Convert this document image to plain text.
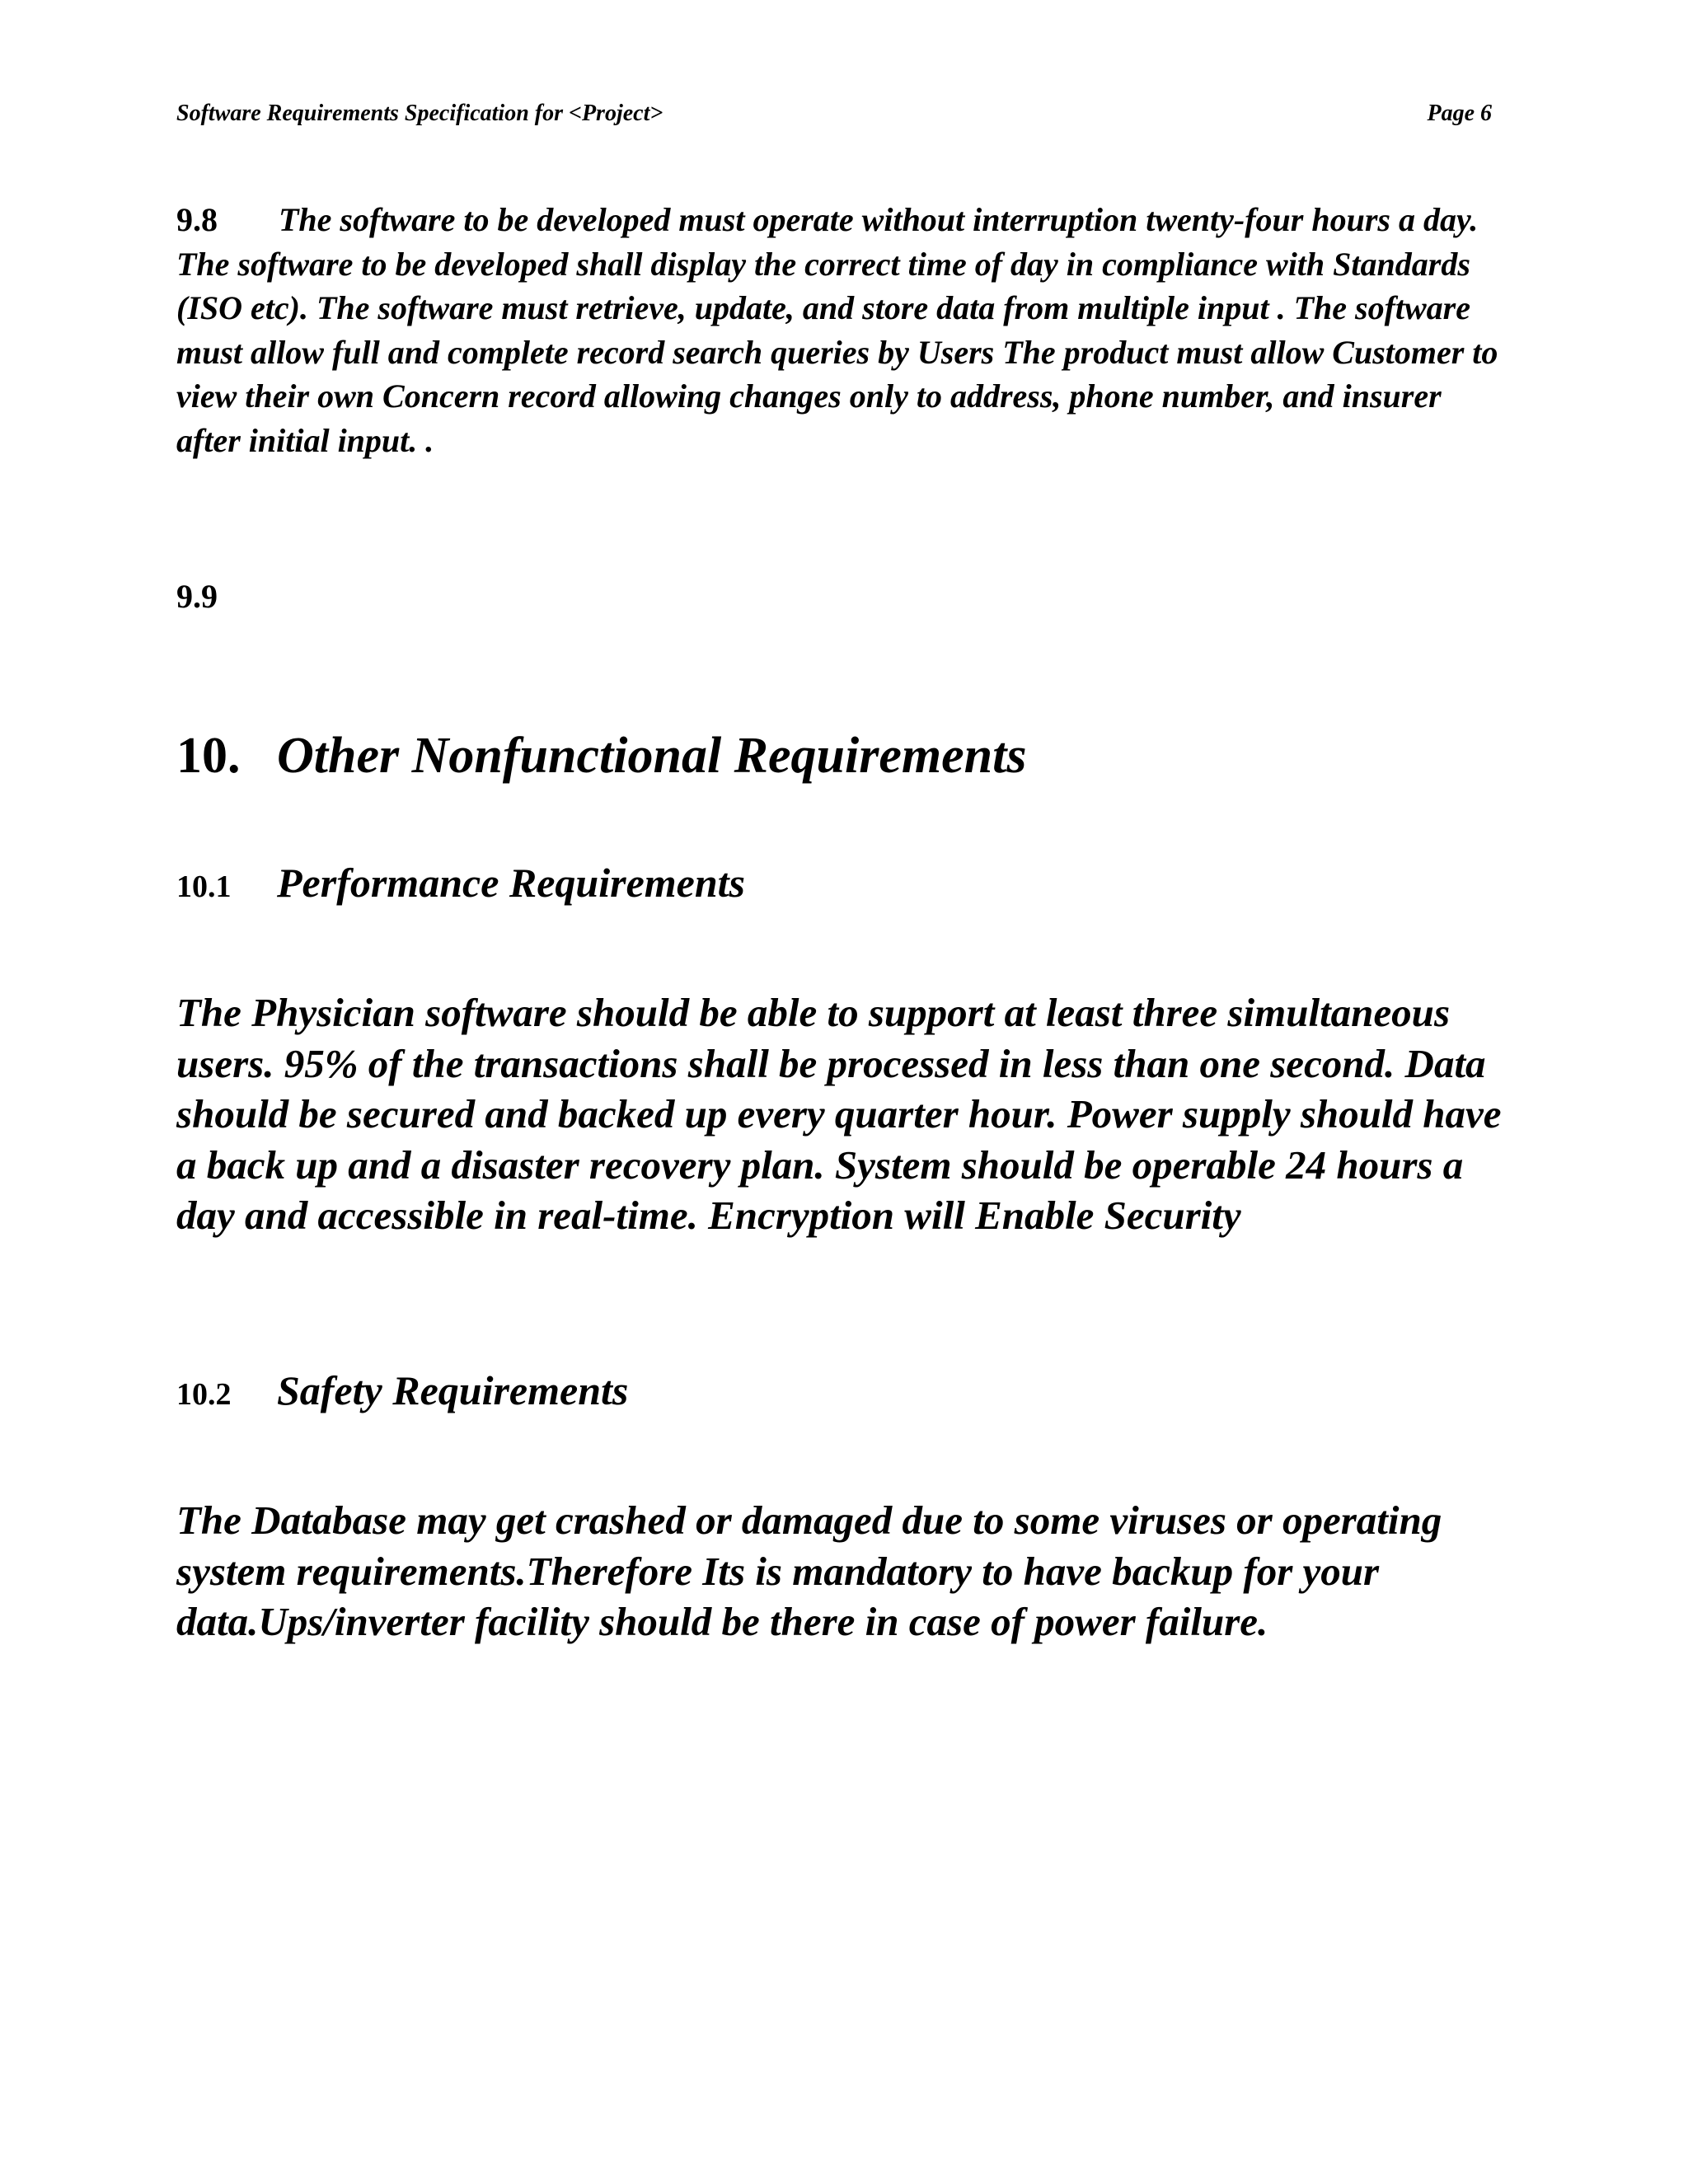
Software Requirements Specification for <Project>	Page 6
9.8 The software to be developed must operate without interruption twenty-four hours a day. The software to be developed shall display the correct time of day in compliance with Standards (ISO etc). The software must retrieve, update, and store data from multiple input . The software must allow full and complete record search queries by Users The product must allow Customer to view their own Concern record allowing changes only to address, phone number, and insurer after initial input. .
9.9
10. Other Nonfunctional Requirements
10.1 Performance Requirements
The Physician software should be able to support at least three simultaneous users. 95% of the transactions shall be processed in less than one second. Data should be secured and backed up every quarter hour. Power supply should have a back up and a disaster recovery plan. System should be operable 24 hours a day and accessible in real-time. Encryption will Enable Security
10.2 Safety Requirements
The Database may get crashed or damaged due to some viruses or operating system requirements.Therefore Its is mandatory to have backup for your data.Ups/inverter facility should be there in case of power failure.
